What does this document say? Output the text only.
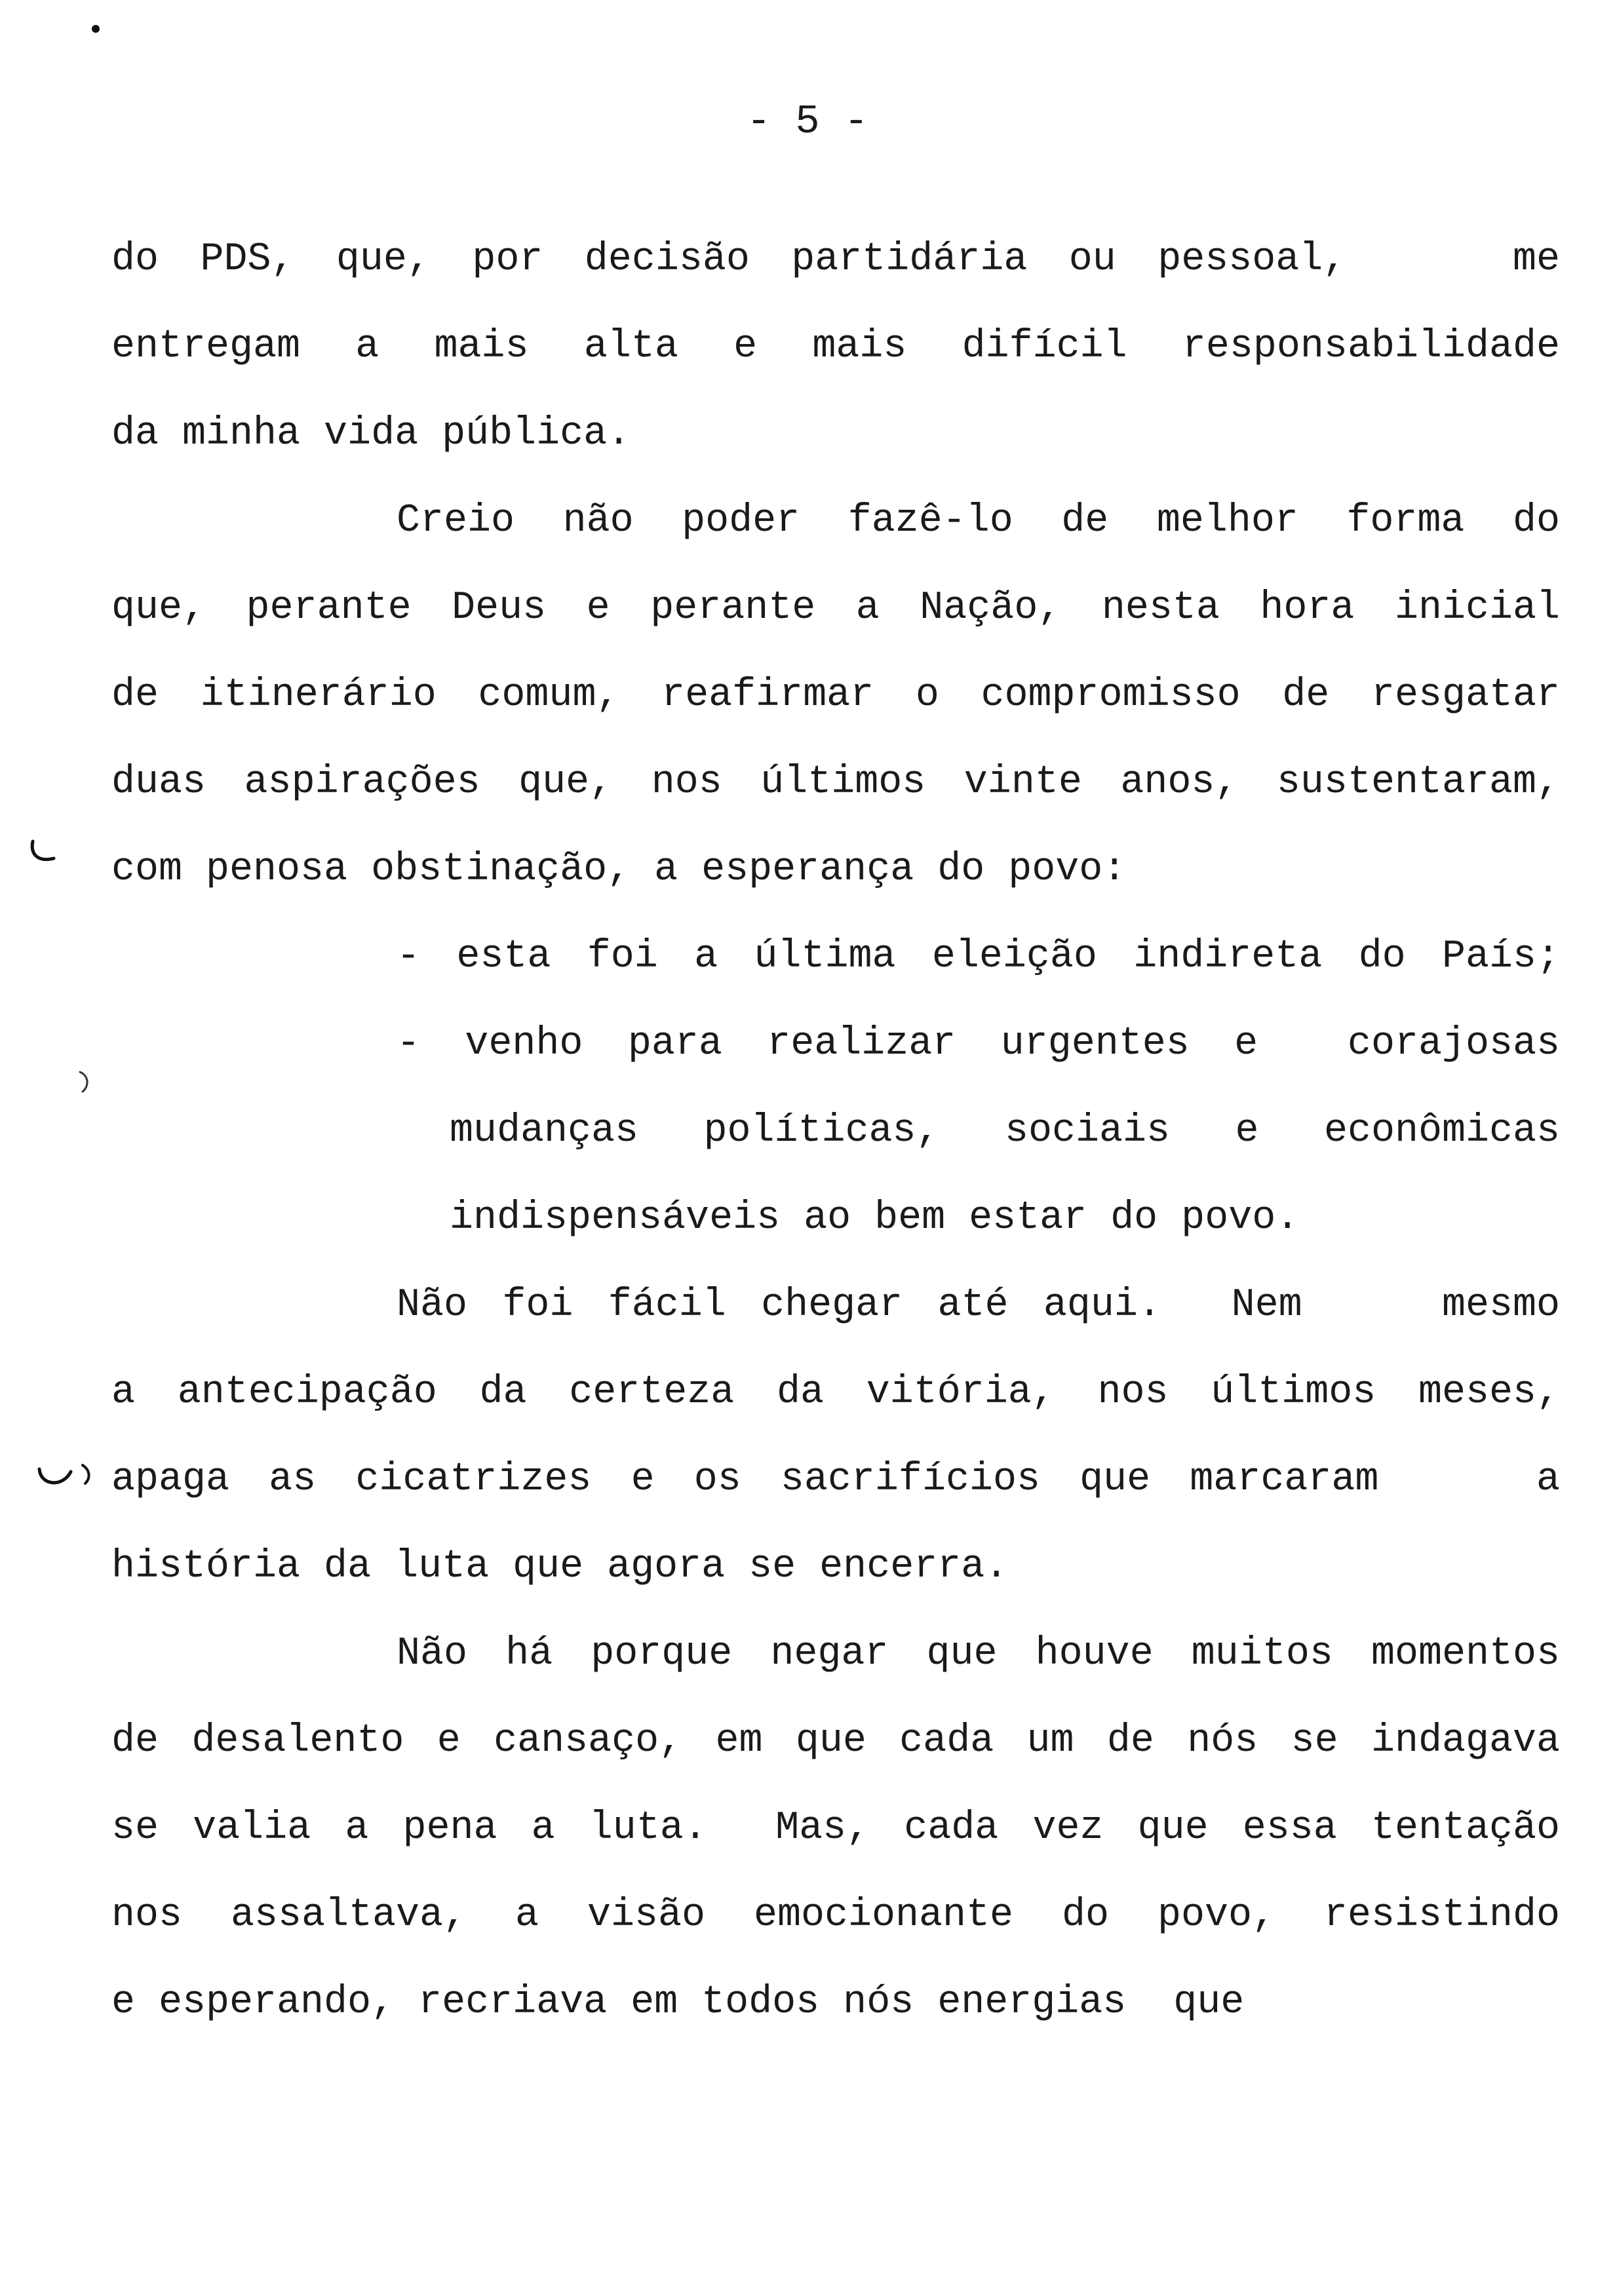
- 5 -
do PDS, que, por decisão partidária ou pessoal,    me
entregam a mais alta e mais difícil responsabilidade
da minha vida pública.
Creio não poder fazê-lo de melhor forma do
que, perante Deus e perante a Nação, nesta hora inicial
de itinerário comum, reafirmar o compromisso de resgatar
duas aspirações que, nos últimos vinte anos, sustentaram,
com penosa obstinação, a esperança do povo:
- esta foi a última eleição indireta do País;
- venho para realizar urgentes e  corajosas
mudanças políticas, sociais e econômicas
indispensáveis ao bem estar do povo.
Não foi fácil chegar até aqui.  Nem    mesmo
a antecipação da certeza da vitória, nos últimos meses,
apaga as cicatrizes e os sacrifícios que marcaram    a
história da luta que agora se encerra.
Não há porque negar que houve muitos momentos
de desalento e cansaço, em que cada um de nós se indagava
se valia a pena a luta.  Mas, cada vez que essa tentação
nos assaltava, a visão emocionante do povo, resistindo
e esperando, recriava em todos nós energias  que
